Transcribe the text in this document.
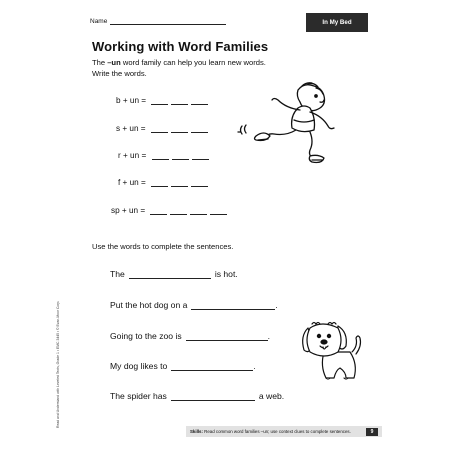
Name	In My Bed
Working with Word Families
The –un word family can help you learn new words.
Write the words.
b + un =
s + un =
r + un =
f + un =
sp + un =
Use the words to complete the sentences.
The	is hot.
Put the hot dog on a	.
Going to the zoo is	.
My dog likes to	.
The spider has	a web.
Read and Understand with Leveled Texts, Grade 1 • EMC 3445 • © Evan-Moor Corp.
Skills: Read common word families –un; use context clues to complete sentences.	9
